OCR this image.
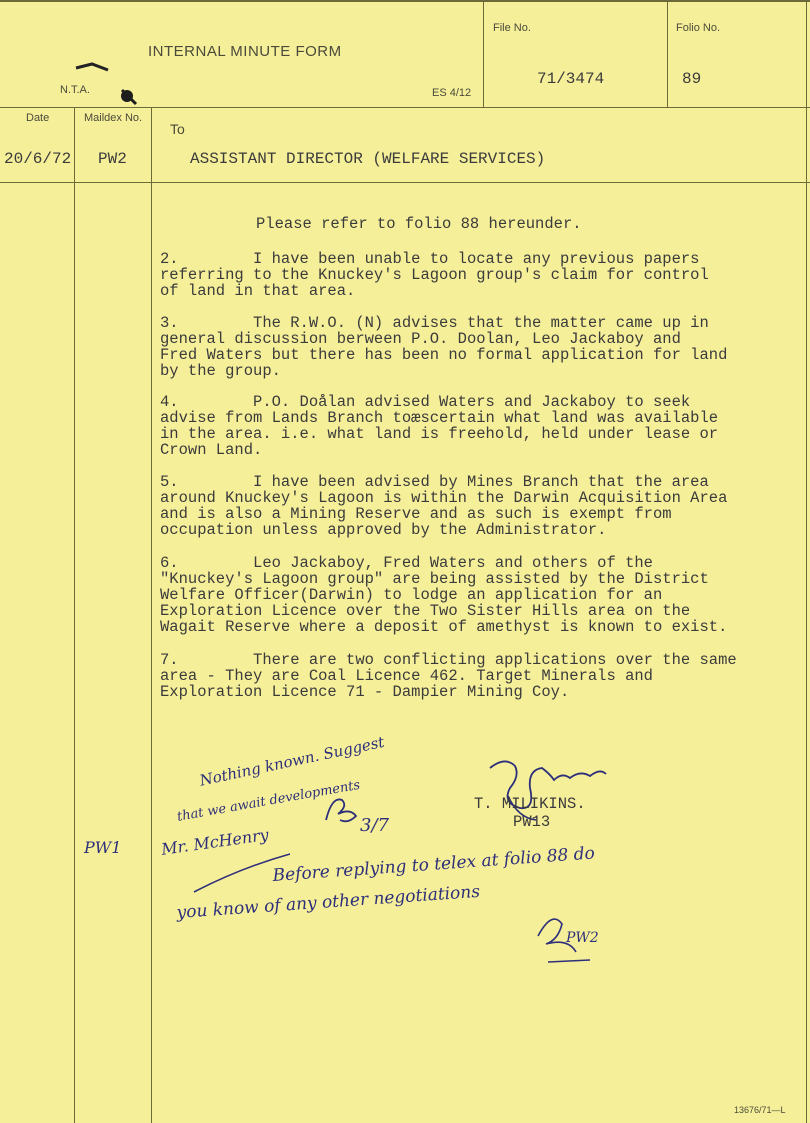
INTERNAL MINUTE FORM
N.T.A.	ES 4/12
File No.	Folio No.
71/3474	89
Date	Maildex No.
To
20/6/72 PW2	ASSISTANT DIRECTOR (WELFARE SERVICES)
Please refer to folio 88 hereunder.
2.        I have been unable to locate any previous papers
referring to the Knuckey's Lagoon group's claim for control
of land in that area.
3.        The R.W.O. (N) advises that the matter came up in
general discussion berween P.O. Doolan, Leo Jackaboy and
Fred Waters but there has been no formal application for land
by the group.
4.        P.O. Doålan advised Waters and Jackaboy to seek
advise from Lands Branch toæscertain what land was available
in the area. i.e. what land is freehold, held under lease or
Crown Land.
5.        I have been advised by Mines Branch that the area
around Knuckey's Lagoon is within the Darwin Acquisition Area
and is also a Mining Reserve and as such is exempt from
occupation unless approved by the Administrator.
6.        Leo Jackaboy, Fred Waters and others of the
"Knuckey's Lagoon group" are being assisted by the District
Welfare Officer(Darwin) to lodge an application for an
Exploration Licence over the Two Sister Hills area on the
Wagait Reserve where a deposit of amethyst is known to exist.
7.        There are two conflicting applications over the same
area - They are Coal Licence 462. Target Minerals and
Exploration Licence 71 - Dampier Mining Coy.
T. MILIKINS.
PW13
Nothing known. Suggest
that we await developments
3/7
PW1 Mr. McHenry
Before replying to telex at folio 88 do
you know of any other negotiations
PW2
13676/71—L
